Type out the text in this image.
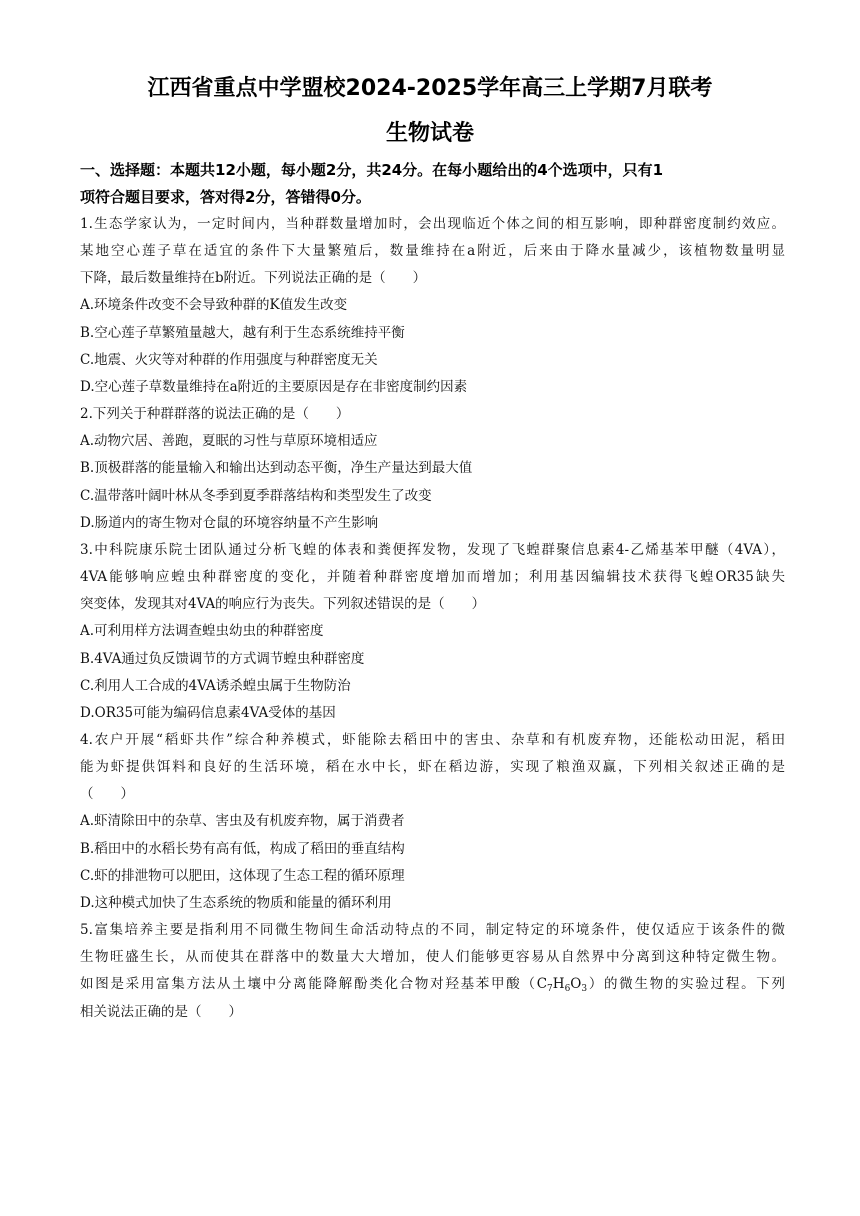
江西省重点中学盟校2024-2025学年高三上学期7月联考
生物试卷
一、选择题：本题共12小题，每小题2分，共24分。在每小题给出的4个选项中，只有1
项符合题目要求，答对得2分，答错得0分。
1.生态学家认为，一定时间内，当种群数量增加时，会出现临近个体之间的相互影响，即种群密度制约效应。
某地空心莲子草在适宜的条件下大量繁殖后，数量维持在a附近，后来由于降水量减少，该植物数量明显
下降，最后数量维持在b附近。下列说法正确的是（　　）
A.环境条件改变不会导致种群的K值发生改变
B.空心莲子草繁殖量越大，越有利于生态系统维持平衡
C.地震、火灾等对种群的作用强度与种群密度无关
D.空心莲子草数量维持在a附近的主要原因是存在非密度制约因素
2.下列关于种群群落的说法正确的是（　　）
A.动物穴居、善跑，夏眠的习性与草原环境相适应
B.顶极群落的能量输入和输出达到动态平衡，净生产量达到最大值
C.温带落叶阔叶林从冬季到夏季群落结构和类型发生了改变
D.肠道内的寄生物对仓鼠的环境容纳量不产生影响
3.中科院康乐院士团队通过分析飞蝗的体表和粪便挥发物，发现了飞蝗群聚信息素4-乙烯基苯甲醚（4VA），
4VA能够响应蝗虫种群密度的变化，并随着种群密度增加而增加；利用基因编辑技术获得飞蝗OR35缺失
突变体，发现其对4VA的响应行为丧失。下列叙述错误的是（　　）
A.可利用样方法调查蝗虫幼虫的种群密度
B.4VA通过负反馈调节的方式调节蝗虫种群密度
C.利用人工合成的4VA诱杀蝗虫属于生物防治
D.OR35可能为编码信息素4VA受体的基因
4.农户开展“稻虾共作”综合种养模式，虾能除去稻田中的害虫、杂草和有机废弃物，还能松动田泥，稻田
能为虾提供饵料和良好的生活环境，稻在水中长，虾在稻边游，实现了粮渔双赢，下列相关叙述正确的是
（　　）
A.虾清除田中的杂草、害虫及有机废弃物，属于消费者
B.稻田中的水稻长势有高有低，构成了稻田的垂直结构
C.虾的排泄物可以肥田，这体现了生态工程的循环原理
D.这种模式加快了生态系统的物质和能量的循环利用
5.富集培养主要是指利用不同微生物间生命活动特点的不同，制定特定的环境条件，使仅适应于该条件的微
生物旺盛生长，从而使其在群落中的数量大大增加，使人们能够更容易从自然界中分离到这种特定微生物。
如图是采用富集方法从土壤中分离能降解酚类化合物对羟基苯甲酸$(C_7H_6O_3)$的微生物的实验过程。下列
相关说法正确的是（　　）
